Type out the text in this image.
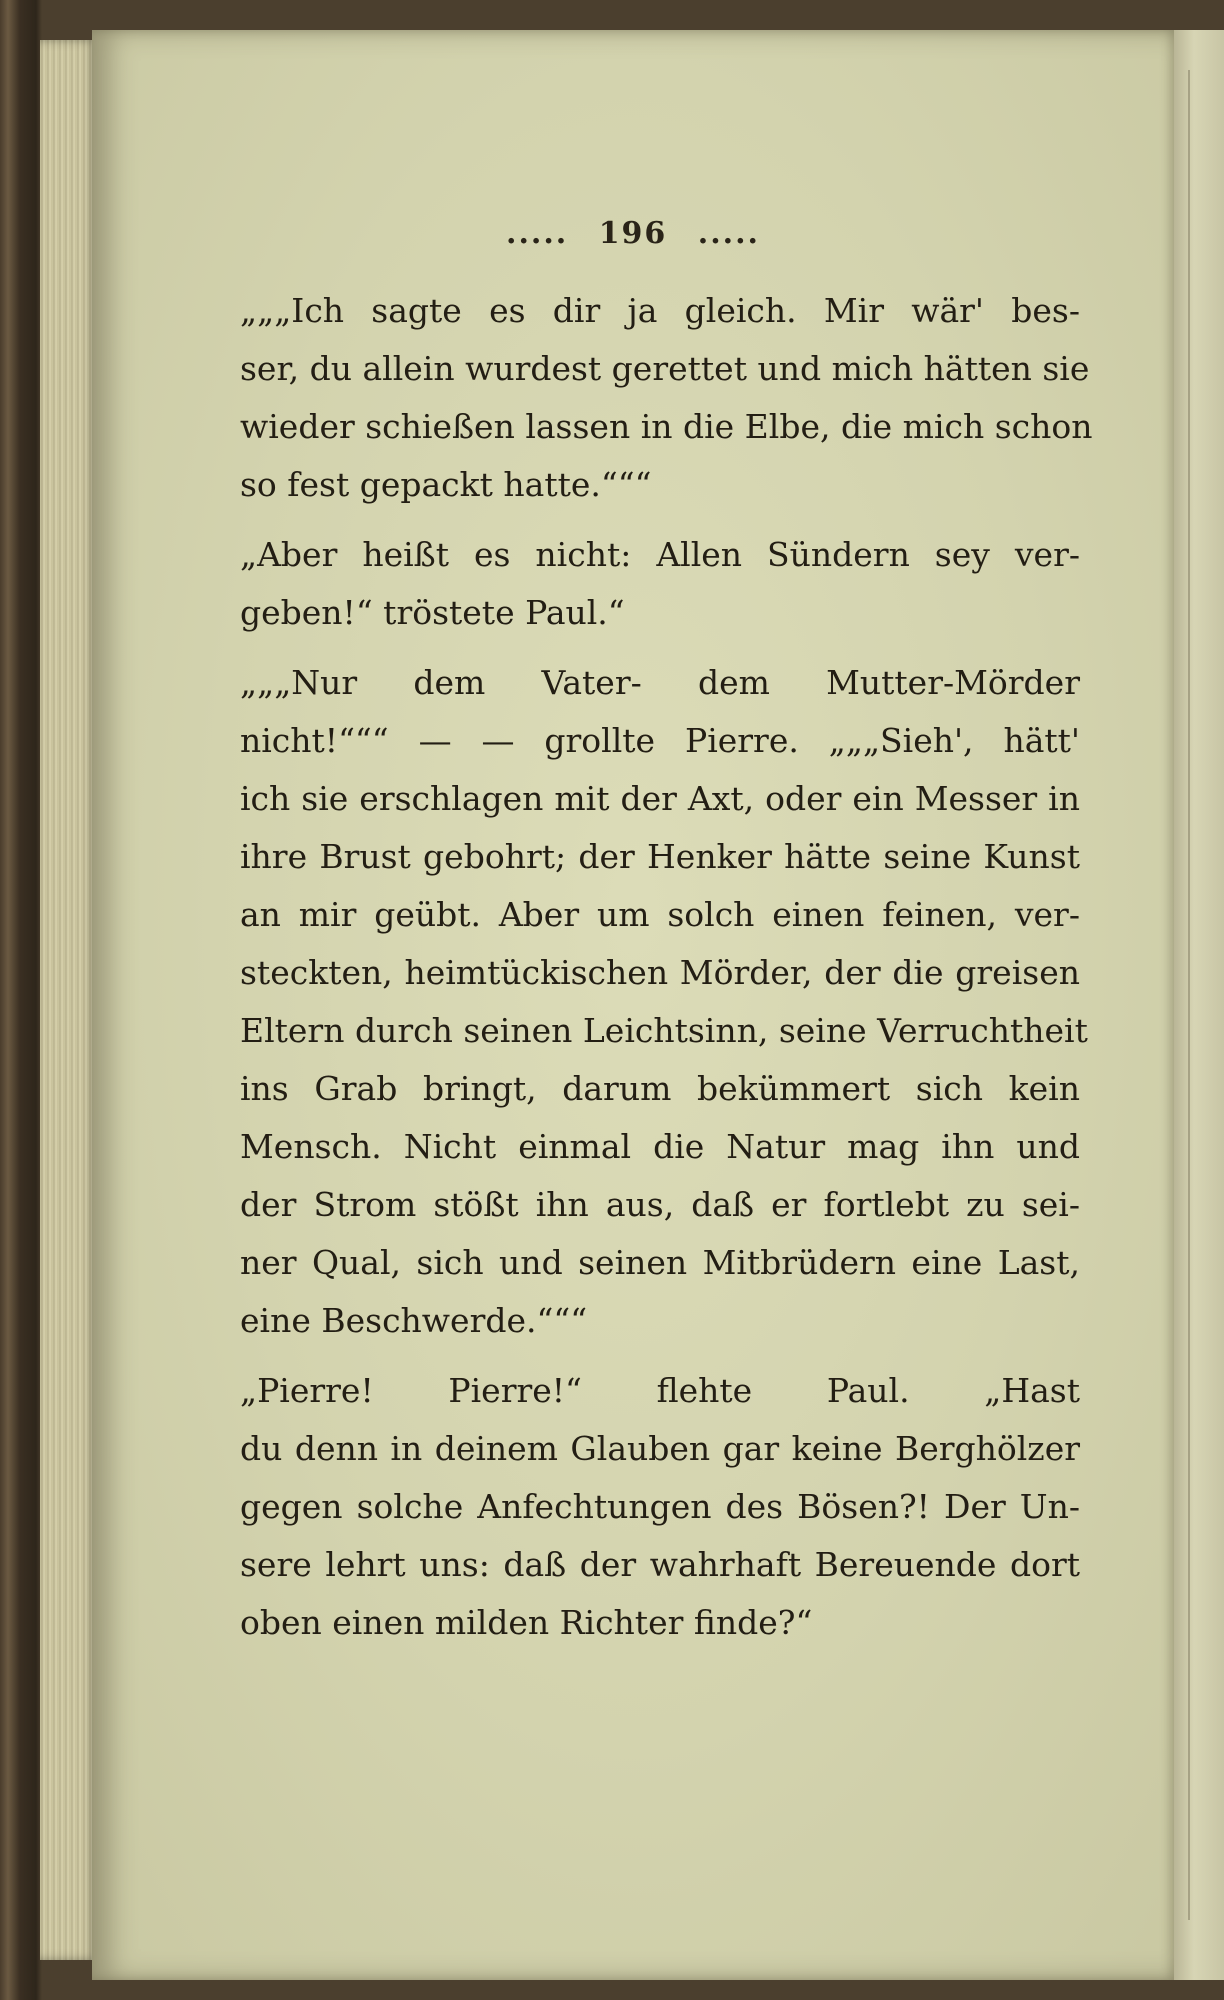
..... 196 .....
„„„Ich sagte es dir ja gleich. Mir wär' bes-
ser, du allein wurdest gerettet und mich hätten sie
wieder schießen lassen in die Elbe, die mich schon
so fest gepackt hatte.“““
„Aber heißt es nicht: Allen Sündern sey ver-
geben!“ tröstete Paul.“
„„„Nur dem Vater- dem Mutter-Mörder
nicht!“““ — — grollte Pierre. „„„Sieh', hätt'
ich sie erschlagen mit der Axt, oder ein Messer in
ihre Brust gebohrt; der Henker hätte seine Kunst
an mir geübt. Aber um solch einen feinen, ver-
steckten, heimtückischen Mörder, der die greisen
Eltern durch seinen Leichtsinn, seine Verruchtheit
ins Grab bringt, darum bekümmert sich kein
Mensch. Nicht einmal die Natur mag ihn und
der Strom stößt ihn aus, daß er fortlebt zu sei-
ner Qual, sich und seinen Mitbrüdern eine Last,
eine Beschwerde.“““
„Pierre! Pierre!“ flehte Paul. „Hast
du denn in deinem Glauben gar keine Berghölzer
gegen solche Anfechtungen des Bösen?! Der Un-
sere lehrt uns: daß der wahrhaft Bereuende dort
oben einen milden Richter finde?“
